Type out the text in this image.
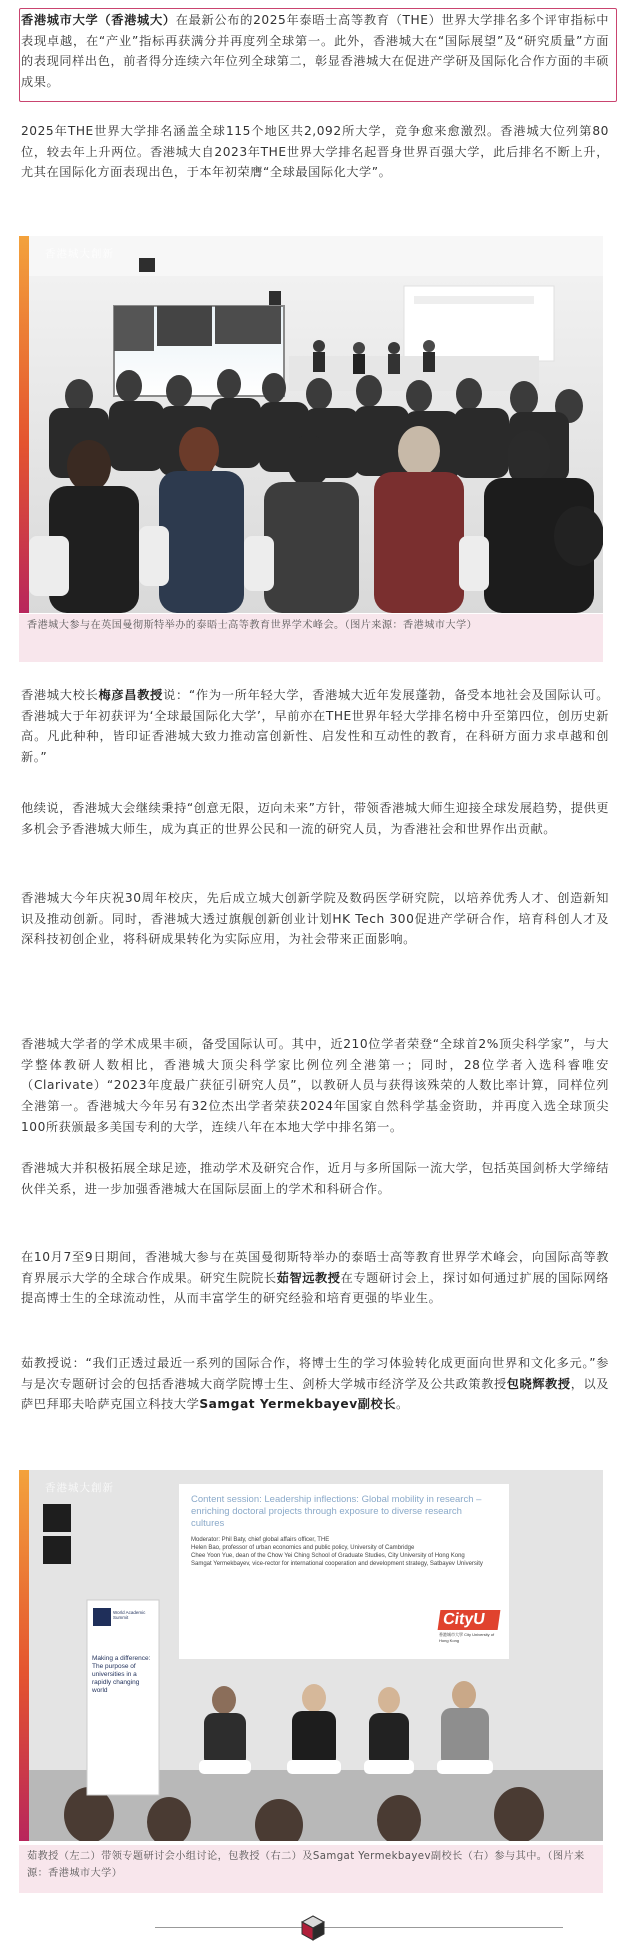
香港城市大学（香港城大）在最新公布的2025年泰晤士高等教育（THE）世界大学排名多个评审指标中表现卓越，在“产业”指标再获满分并再度列全球第一。此外，香港城大在“国际展望”及“研究质量”方面的表现同样出色，前者得分连续六年位列全球第二，彰显香港城大在促进产学研及国际化合作方面的丰硕成果。

2025年THE世界大学排名涵盖全球115个地区共2,092所大学，竞争愈来愈激烈。香港城大位列第80位，较去年上升两位。香港城大自2023年THE世界大学排名起晋身世界百强大学，此后排名不断上升，尤其在国际化方面表现出色，于本年初荣膺“全球最国际化大学”。

香港城大創新
香港城大参与在英国曼彻斯特举办的泰晤士高等教育世界学术峰会。（图片来源：香港城市大学）

香港城大校长梅彦昌教授说：“作为一所年轻大学，香港城大近年发展蓬勃，备受本地社会及国际认可。香港城大于年初获评为‘全球最国际化大学’，早前亦在THE世界年轻大学排名榜中升至第四位，创历史新高。凡此种种，皆印证香港城大致力推动富创新性、启发性和互动性的教育，在科研方面力求卓越和创新。”

他续说，香港城大会继续秉持“创意无限，迈向未来”方针，带领香港城大师生迎接全球发展趋势，提供更多机会予香港城大师生，成为真正的世界公民和一流的研究人员，为香港社会和世界作出贡献。

香港城大今年庆祝30周年校庆，先后成立城大创新学院及数码医学研究院，以培养优秀人才、创造新知识及推动创新。同时，香港城大透过旗舰创新创业计划HK Tech 300促进产学研合作，培育科创人才及深科技初创企业，将科研成果转化为实际应用，为社会带来正面影响。

香港城大学者的学术成果丰硕，备受国际认可。其中，近210位学者荣登“全球首2%顶尖科学家”，与大学整体教研人数相比，香港城大顶尖科学家比例位列全港第一；同时，28位学者入选科睿唯安（Clarivate）“2023年度最广获征引研究人员”，以教研人员与获得该殊荣的人数比率计算，同样位列全港第一。香港城大今年另有32位杰出学者荣获2024年国家自然科学基金资助，并再度入选全球顶尖100所获颁最多美国专利的大学，连续八年在本地大学中排名第一。

香港城大并积极拓展全球足迹，推动学术及研究合作，近月与多所国际一流大学，包括英国剑桥大学缔结伙伴关系，进一步加强香港城大在国际层面上的学术和科研合作。

在10月7至9日期间，香港城大参与在英国曼彻斯特举办的泰晤士高等教育世界学术峰会，向国际高等教育界展示大学的全球合作成果。研究生院院长茹智远教授在专题研讨会上，探讨如何通过扩展的国际网络提高博士生的全球流动性，从而丰富学生的研究经验和培育更强的毕业生。

茹教授说：“我们正透过最近一系列的国际合作，将博士生的学习体验转化成更面向世界和文化多元。”参与是次专题研讨会的包括香港城大商学院博士生、剑桥大学城市经济学及公共政策教授包晓辉教授，以及萨巴拜耶夫哈萨克国立科技大学Samgat Yermekbayev副校长。

Content session: Leadership inflections: Global mobility in research – enriching doctoral projects through exposure to diverse research cultures
Moderator: Phil Baty, chief global affairs officer, THE
Helen Bao, professor of urban economics and public policy, University of Cambridge
Chee Yoon Yue, dean of the Chow Yei Ching School of Graduate Studies, City University of Hong Kong
Samgat Yermekbayev, vice-rector for international cooperation and development strategy, Satbayev University
CityU
香港城市大學 City University of Hong Kong
World Academic Summit
Making a difference: The purpose of universities in a rapidly changing world
香港城大創新
茹教授（左二）带领专题研讨会小组讨论，包教授（右二）及Samgat Yermekbayev副校长（右）参与其中。（图片来源：香港城市大学）
